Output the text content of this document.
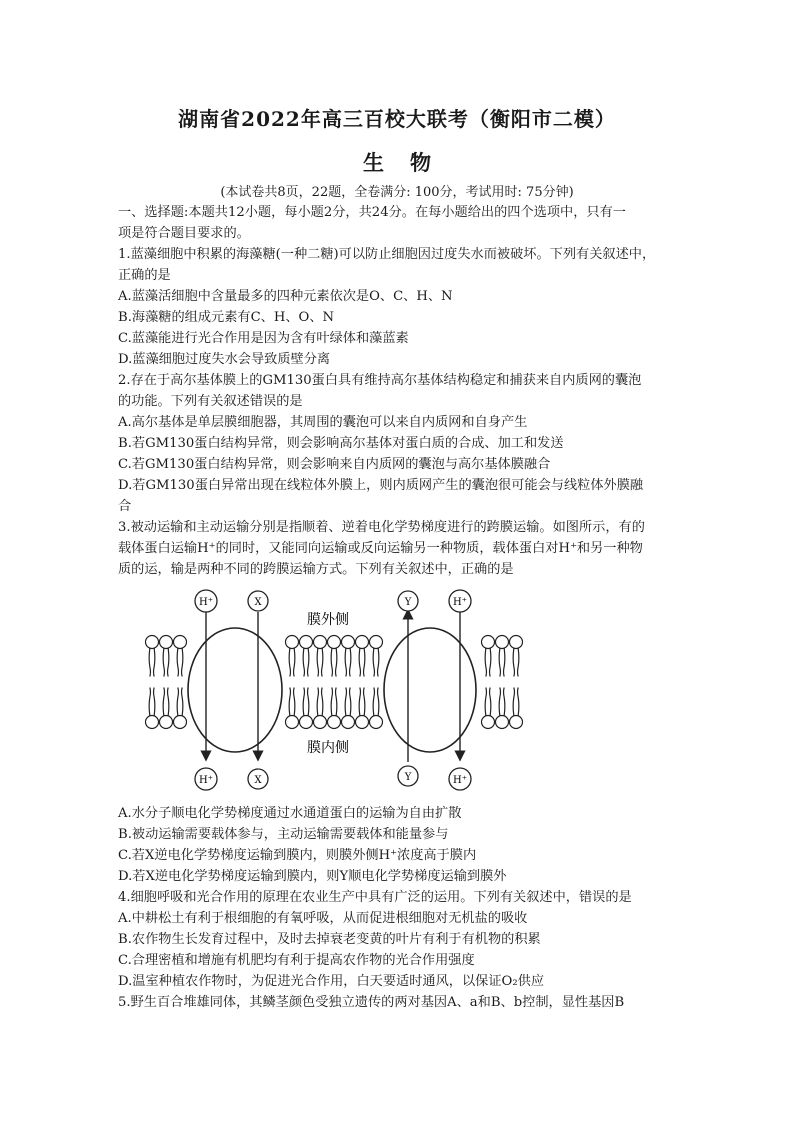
湖南省2022年高三百校大联考（衡阳市二模）
生物
(本试卷共8页，22题，全卷满分: 100分，考试用时: 75分钟)

一、选择题:本题共12小题，每小题2分，共24分。在每小题给出的四个选项中，只有一

项是符合题目要求的。

1.蓝藻细胞中积累的海藻糖(一种二糖)可以防止细胞因过度失水而被破坏。下列有关叙述中，

正确的是

A.蓝藻活细胞中含量最多的四种元素依次是O、C、H、N

B.海藻糖的组成元素有C、H、O、N

C.蓝藻能进行光合作用是因为含有叶绿体和藻蓝素

D.蓝藻细胞过度失水会导致质壁分离

2.存在于高尔基体膜上的GM130蛋白具有维持高尔基体结构稳定和捕获来自内质网的囊泡

的功能。下列有关叙述错误的是

A.高尔基体是单层膜细胞器，其周围的囊泡可以来自内质网和自身产生

B.若GM130蛋白结构异常，则会影响高尔基体对蛋白质的合成、加工和发送

C.若GM130蛋白结构异常，则会影响来自内质网的囊泡与高尔基体膜融合

D.若GM130蛋白异常出现在线粒体外膜上，则内质网产生的囊泡很可能会与线粒体外膜融

合

3.被动运输和主动运输分别是指顺着、逆着电化学势梯度进行的跨膜运输。如图所示，有的

载体蛋白运输H⁺的同时，又能同向运输或反向运输另一种物质，载体蛋白对H⁺和另一种物

质的运，输是两种不同的跨膜运输方式。下列有关叙述中，正确的是

H⁺	X	Y	H⁺
H⁺	X	Y	H⁺
膜外侧
膜内侧

A.水分子顺电化学势梯度通过水通道蛋白的运输为自由扩散

B.被动运输需要载体参与，主动运输需要载体和能量参与

C.若X逆电化学势梯度运输到膜内，则膜外侧H⁺浓度高于膜内

D.若X逆电化学势梯度运输到膜内，则Y顺电化学势梯度运输到膜外

4.细胞呼吸和光合作用的原理在农业生产中具有广泛的运用。下列有关叙述中，错误的是

A.中耕松土有利于根细胞的有氧呼吸，从而促进根细胞对无机盐的吸收

B.农作物生长发育过程中，及时去掉衰老变黄的叶片有利于有机物的积累

C.合理密植和增施有机肥均有利于提高农作物的光合作用强度

D.温室种植农作物时，为促进光合作用，白天要适时通风，以保证O₂供应

5.野生百合堆雄同体，其鳞茎颜色受独立遗传的两对基因A、a和B、b控制，显性基因B
